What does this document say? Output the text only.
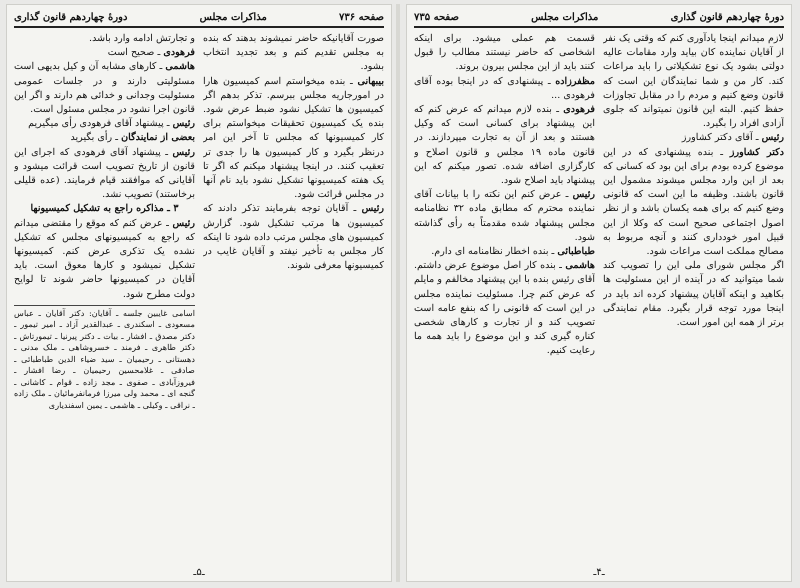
صفحه ۷۳۶
مذاکرات مجلس
دورهٔ چهاردهم قانون گذاری

صورت آقایانیکه حاضر نمیشوند بدهند که بنده به مجلس تقدیم کنم و بعد تجدید انتخاب بشود.

بیبهانی ـ بنده میخواستم اسم کمیسیون هارا در امورجاریه مجلس ببرسم. تذکر بدهم اگر کمیسیون ها تشکیل نشود ضبط عرض شود. بنده یک کمیسیون تحقیقات میخواستم برای کار کمیسیونها که مجلس تا آخر این امر درنظر بگیرد و کار کمیسیون ها را جدی تر تعقیب کنند. در اینجا پیشنهاد میکنم که اگر تا یک هفته کمیسیونها تشکیل نشود باید نام آنها در مجلس قرائت شود.

رئیس ـ آقایان توجه بفرمایند تذکر دادند که کمیسیون ها مرتب تشکیل شود. گزارش کمیسیون های مجلس مرتب داده شود تا اینکه کار مجلس به تأخیر نیفتد و آقایان غایب در کمیسیونها معرفی شوند.

و تجارتش ادامه وارد باشد.

فرهودی ـ صحیح است

هاشمی ـ کارهای مشابه آن و کیل بدیهی است مسئولیتی دارند و در جلسات عمومی مسئولیت وجدانی و خدائی هم دارند و اگر این قانون اجرا نشود در مجلس مسئول است.

رئیس ـ پیشنهاد آقای فرهودی رأی میگیریم

بعضی از نمایندگان ـ رأی بگیرید

رئیس ـ پیشنهاد آقای فرهودی که اجرای این قانون از تاریخ تصویب است قرائت میشود و آقایانی که موافقند قیام فرمایند. (عده قلیلی برخاستند) تصویب نشد.

۳ ـ مذاکره راجع به تشکیل کمیسیونها

رئیس ـ عرض کنم که موقع را مقتضی میدانم که راجع به کمیسیونهای مجلس که تشکیل نشده یک تذکری عرض کنم. کمیسیونها تشکیل نمیشود و کارها معوق است. باید آقایان در کمیسیونها حاضر شوند تا لوایح دولت مطرح شود.

اسامی غایبین جلسه ـ آقایان: دکتر آقایان ـ عباس مسعودی ـ اسکندری ـ عبدالقدیر آزاد ـ امیر تیمور ـ دکتر مصدق ـ افشار ـ بیات ـ دکتر پیرنیا ـ تیمورتاش ـ دکتر طاهری ـ فرمند ـ خسروشاهی ـ ملک مدنی ـ دهستانی ـ رحیمیان ـ سید ضیاء الدین طباطبائی ـ صادقی ـ غلامحسین رحیمیان ـ رضا افشار ـ فیروزآبادی ـ صفوی ـ مجد زاده ـ قوام ـ کاشانی ـ گنجه ای ـ محمد ولی میرزا فرمانفرمائیان ـ ملک زاده ـ نراقی ـ وکیلی ـ هاشمی ـ یمین اسفندیاری
ـ۵ـ
دورهٔ چهاردهم قانون گذاری
مذاکرات مجلس
صفحه ۷۳۵

لازم میدانم اینجا یادآوری کنم که وقتی یک نفر از آقایان نماینده کان بیاید وارد مقامات عالیه دولتی بشود یک نوع تشکیلاتی را باید مراعات کند. کار من و شما نمایندگان این است که قانون وضع کنیم و مردم را در مقابل تجاوزات حفظ کنیم. البته این قانون نمیتواند که جلوی آزادی افراد را بگیرد.

رئیس ـ آقای دکتر کشاورز

دکتر کشاورز ـ بنده پیشنهادی که در این موضوع کرده بودم برای این بود که کسانی که بعد از این وارد مجلس میشوند مشمول این قانون باشند. وظیفه ما این است که قانونی وضع کنیم که برای همه یکسان باشد و از نظر اصول اجتماعی صحیح است که وکلا از این قبیل امور خودداری کنند و آنچه مربوط به مصالح مملکت است مراعات شود.

اگر مجلس شورای ملی این را تصویب کند شما میتوانید که در آینده از این مسئولیت ها بکاهید و اینکه آقایان پیشنهاد کرده اند باید در اینجا مورد توجه قرار بگیرد. مقام نمایندگی برتر از همه این امور است.

قسمت هم عملی میشود. برای اینکه اشخاصی که حاضر نیستند مطالب را قبول کنند باید از این مجلس بیرون بروند.

مظفرزاده ـ پیشنهادی که در اینجا بوده آقای فرهودی ...

فرهودی ـ بنده لازم میدانم که عرض کنم که این پیشنهاد برای کسانی است که وکیل هستند و بعد از آن به تجارت میپردازند. در قانون ماده ۱۹ مجلس و قانون اصلاح و کارگزاری اضافه شده. تصور میکنم که این پیشنهاد باید اصلاح شود.

رئیس ـ عرض کنم این نکته را با بیانات آقای نماینده محترم که مطابق ماده ۳۲ نظامنامه مجلس پیشنهاد شده مقدمتاً به رأی گذاشته شود.

طباطبائی ـ بنده اخطار نظامنامه ای دارم.

هاشمی ـ بنده کار اصل موضوع عرض داشتم. آقای رئیس بنده با این پیشنهاد مخالفم و مایلم که عرض کنم چرا. مسئولیت نماینده مجلس در این است که قانونی را که بنفع عامه است تصویب کند و از تجارت و کارهای شخصی کناره گیری کند و این موضوع را باید همه ما رعایت کنیم.

ـ۴ـ
